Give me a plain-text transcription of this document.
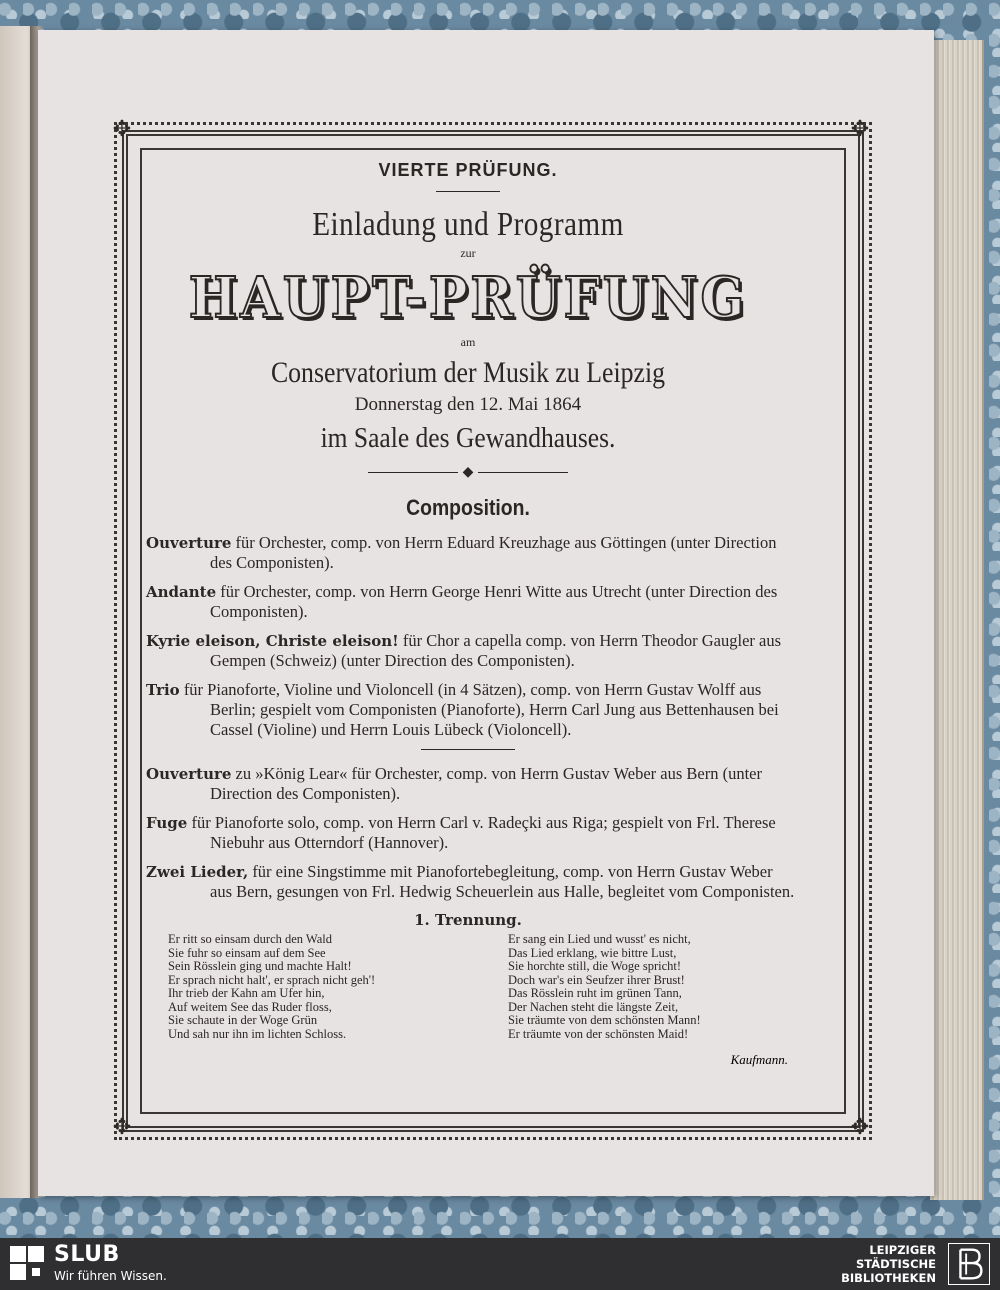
✥	✥
✥	✥
VIERTE PRÜFUNG.
Einladung und Programm
zur
HAUPT-PRÜFUNG
am
Conservatorium der Musik zu Leipzig
Donnerstag den 12. Mai 1864
im Saale des Gewandhauses.
◆
Composition.
Ouverture für Orchester, comp. von Herrn Eduard Kreuzhage aus Göttingen (unter Direction des Componisten).
Andante für Orchester, comp. von Herrn George Henri Witte aus Utrecht (unter Direction des Componisten).
Kyrie eleison, Christe eleison! für Chor a capella comp. von Herrn Theodor Gaugler aus Gempen (Schweiz) (unter Direction des Componisten).
Trio für Pianoforte, Violine und Violoncell (in 4 Sätzen), comp. von Herrn Gustav Wolff aus Berlin; gespielt vom Componisten (Pianoforte), Herrn Carl Jung aus Bettenhausen bei Cassel (Violine) und Herrn Louis Lübeck (Violoncell).
Ouverture zu »König Lear« für Orchester, comp. von Herrn Gustav Weber aus Bern (unter Direction des Componisten).
Fuge für Pianoforte solo, comp. von Herrn Carl v. Radeçki aus Riga; gespielt von Frl. Therese Niebuhr aus Otterndorf (Hannover).
Zwei Lieder, für eine Singstimme mit Pianofortebegleitung, comp. von Herrn Gustav Weber aus Bern, gesungen von Frl. Hedwig Scheuerlein aus Halle, begleitet vom Componisten.
1. Trennung.
Er ritt so einsam durch den Wald
Sie fuhr so einsam auf dem See
Sein Rösslein ging und machte Halt!
Er sprach nicht halt', er sprach nicht geh'!
Ihr trieb der Kahn am Ufer hin,
Auf weitem See das Ruder floss,
Sie schaute in der Woge Grün
Und sah nur ihn im lichten Schloss.
Er sang ein Lied und wusst' es nicht,
Das Lied erklang, wie bittre Lust,
Sie horchte still, die Woge spricht!
Doch war's ein Seufzer ihrer Brust!
Das Rösslein ruht im grünen Tann,
Der Nachen steht die längste Zeit,
Sie träumte von dem schönsten Mann!
Er träumte von der schönsten Maid!
Kaufmann.
SLUB
Wir führen Wissen.
LEIPZIGER
STÄDTISCHE
BIBLIOTHEKEN
